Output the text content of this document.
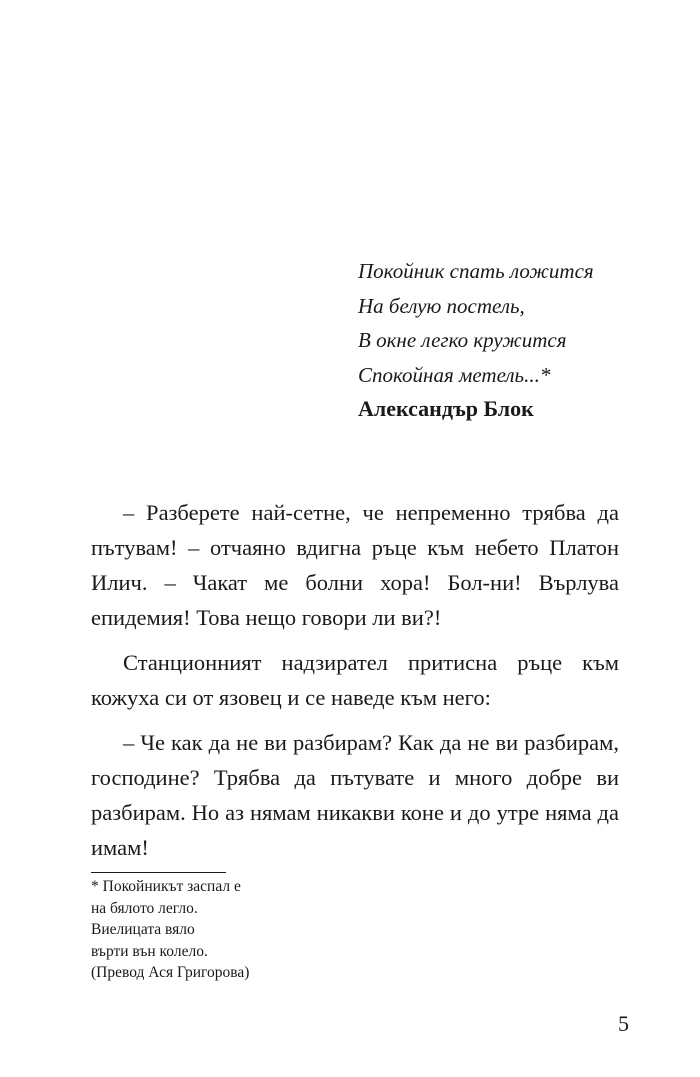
Покойник спать ложится
На белую постель,
В окне легко кружится
Спокойная метель...*
Александър Блок

– Разберете най-сетне, че непременно трябва да пътувам! – отчаяно вдигна ръце към небето Платон Илич. – Чакат ме болни хора! Бол-ни! Върлува епидемия! Това нещо говори ли ви?!

Станционният надзирател притисна ръце към кожуха си от язовец и се наведе към него:

– Че как да не ви разбирам? Как да не ви разбирам, господине? Трябва да пътувате и много добре ви разбирам. Но аз нямам никакви коне и до утре няма да имам!

* Покойникът заспал е
на бялото легло.
Виелицата вяло
върти вън колело.
(Превод Ася Григорова)
5
